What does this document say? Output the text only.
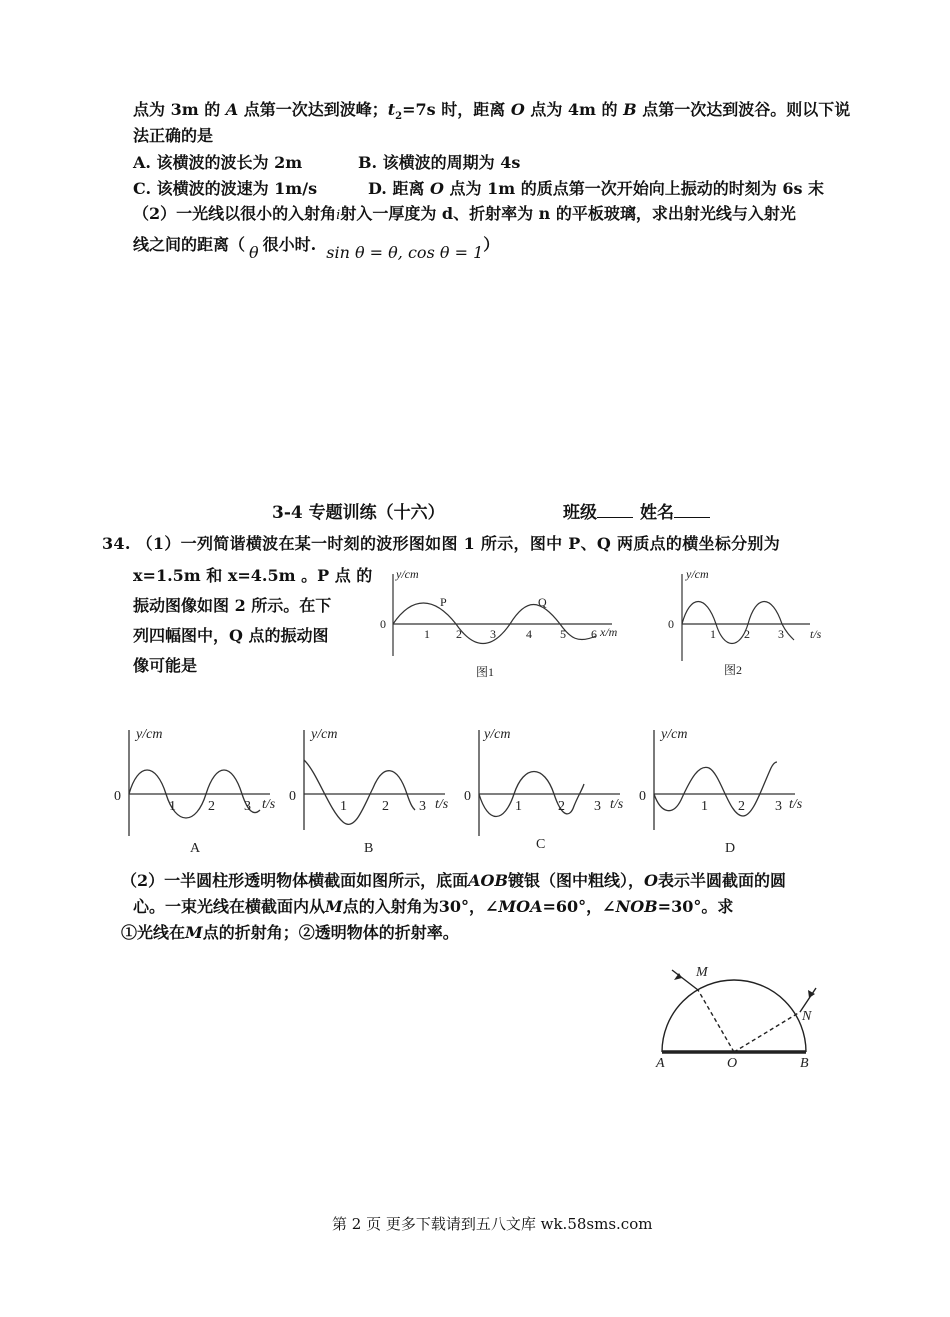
点为 3m 的 A 点第一次达到波峰；$t_2=7s$ 时，距离 O 点为 4m 的 B 点第一次达到波谷。则以下说
法正确的是
A. 该横波的波长为 2m	B. 该横波的周期为 4s
C. 该横波的波速为 1m/s	D. 距离 O 点为 1m 的质点第一次开始向上振动的时刻为 6s 末
（2）一光线以很小的入射角i射入一厚度为 d、折射率为 n 的平板玻璃，求出射光线与入射光
线之间的距离（ θ 很小时. sin θ = θ, cos θ = 1）
3-4 专题训练（十六）	班级	姓名
34. （1）一列简谐横波在某一时刻的波形图如图 1 所示，图中 P、Q 两质点的横坐标分别为
x=1.5m 和 x=4.5m 。P 点 的
振动图像如图 2 所示。在下
列四幅图中，Q 点的振动图
像可能是
y/cm
0
1 2 3	4 5 6 x/m
P	Q
图1
y/cm
0
1 2 3 t/s
图2
y/cm
0
1 2 3 t/s
A
y/cm
0
1	2 3 t/s
B
y/cm
0
1	2 3 t/s
C
y/cm
0
1 2 3 t/s
D
（2）一半圆柱形透明物体横截面如图所示，底面AOB镀银（图中粗线），O表示半圆截面的圆
心。一束光线在横截面内从M点的入射角为30°，∠MOA=60°，∠NOB=30°。求
①光线在M点的折射角；②透明物体的折射率。
M
N
A	O	B
第 2 页 更多下载请到五八文库 wk.58sms.com
